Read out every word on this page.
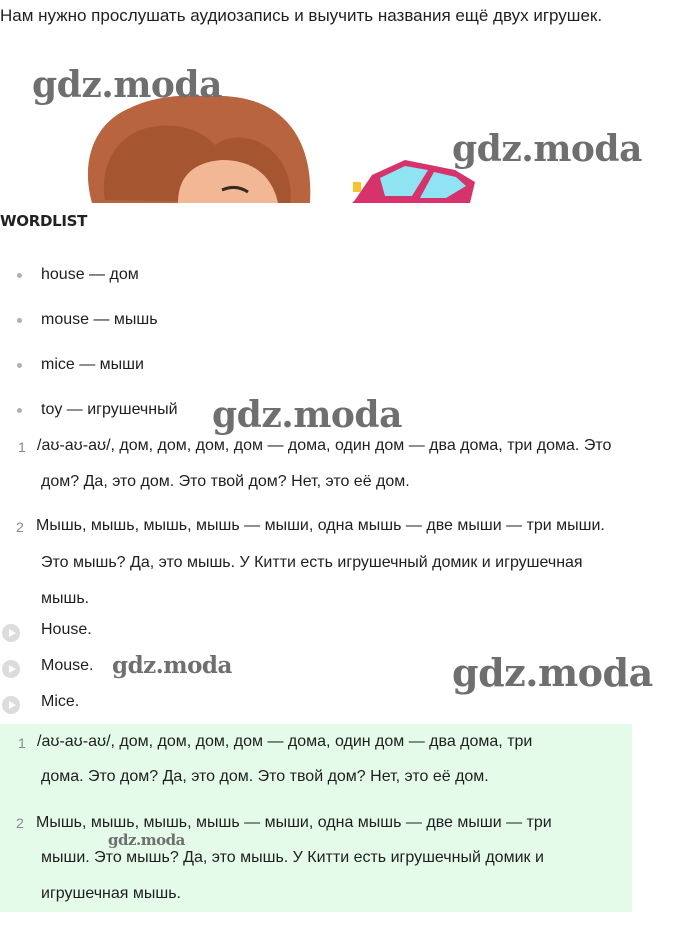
Нам нужно прослушать аудиозапись и выучить названия ещё двух игрушек.
gdz.moda
gdz.moda
WORDLIST
house — дом
mouse — мышь
mice — мыши
toy — игрушечный gdz.moda
1 /aʊ-aʊ-aʊ/, дом, дом, дом, дом — дома, один дом — два дома, три дома. Это
дом? Да, это дом. Это твой дом? Нет, это её дом.
2 Мышь, мышь, мышь, мышь — мыши, одна мышь — две мыши — три мыши.
Это мышь? Да, это мышь. У Китти есть игрушечный домик и игрушечная
мышь.
House.
Mouse.
Mice.
gdz.moda	gdz.moda
1 /aʊ-aʊ-aʊ/, дом, дом, дом, дом — дома, один дом — два дома, три
дома. Это дом? Да, это дом. Это твой дом? Нет, это её дом.
2 Мышь, мышь, мышь, мышь — мыши, одна мышь — две мыши — три
мыши. Это мышь? Да, это мышь. У Китти есть игрушечный домик и
игрушечная мышь.
gdz.moda
